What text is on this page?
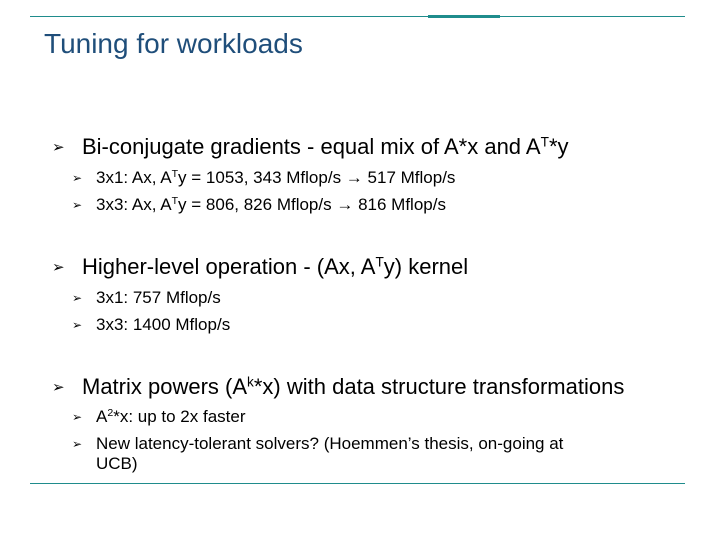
Tuning for workloads
➢ Bi-conjugate gradients - equal mix of A*x and $A^T*y$
➢ 3x1: Ax, $A^Ty = 1053$, 343 Mflop/s → 517 Mflop/s
➢ 3x3: Ax, $A^Ty = 806$, 826 Mflop/s → 816 Mflop/s
➢ Higher-level operation - (Ax, $A^Ty$) kernel
➢ 3x1: 757 Mflop/s
➢ 3x3: 1400 Mflop/s
➢ Matrix powers $(A^k*x)$ with data structure transformations
➢ $A^2*x$: up to 2x faster
➢ New latency-tolerant solvers? (Hoemmen’s thesis, on-going at
UCB)
